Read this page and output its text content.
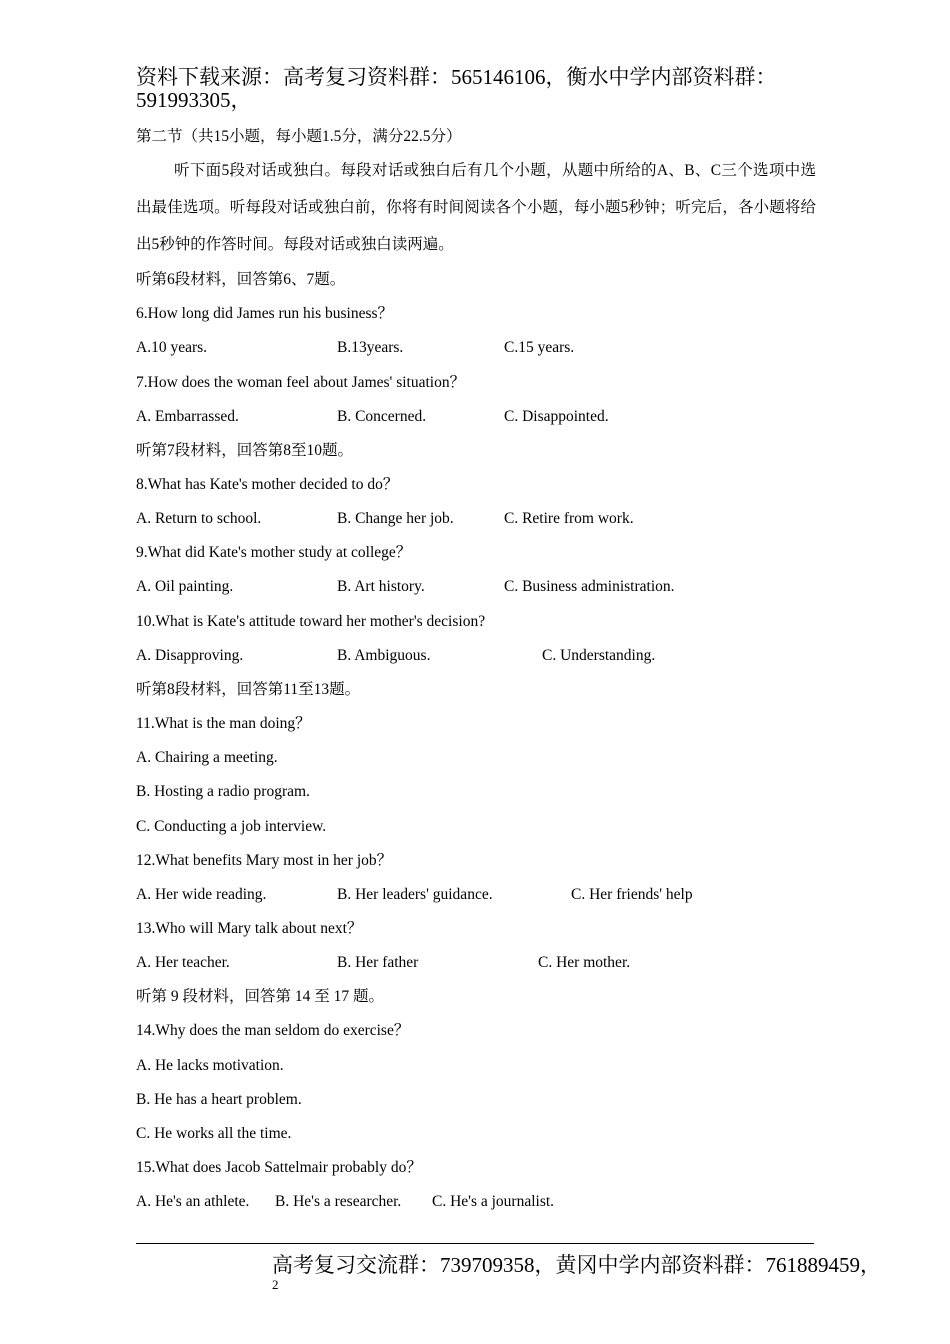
资料下载来源：高考复习资料群：565146106，衡水中学内部资料群：591993305，
第二节（共15小题，每小题1.5分，满分22.5分）
听下面5段对话或独白。每段对话或独白后有几个小题，从题中所给的A、B、C三个选项中选出最佳选项。听每段对话或独白前，你将有时间阅读各个小题，每小题5秒钟；听完后，各小题将给出5秒钟的作答时间。每段对话或独白读两遍。
听第6段材料，回答第6、7题。
6.How long did James run his business？
A.10 years.	B.13years.	C.15 years.
7.How does the woman feel about James' situation？
A. Embarrassed.	B. Concerned.	C. Disappointed.
听第7段材料，回答第8至10题。
8.What has Kate's mother decided to do？
A. Return to school.	B. Change her job.	C. Retire from work.
9.What did Kate's mother study at college？
A. Oil painting.	B. Art history.	C. Business administration.
10.What is Kate's attitude toward her mother's decision?
A. Disapproving.	B. Ambiguous.	C. Understanding.
听第8段材料，回答第11至13题。
11.What is the man doing？
A. Chairing a meeting.
B. Hosting a radio program.
C. Conducting a job interview.
12.What benefits Mary most in her job？
A. Her wide reading.	B. Her leaders' guidance.	C. Her friends' help
13.Who will Mary talk about next？
A. Her teacher.	B. Her father	C. Her mother.
听第 9 段材料，回答第 14 至 17 题。
14.Why does the man seldom do exercise？
A. He lacks motivation.
B. He has a heart problem.
C. He works all the time.
15.What does Jacob Sattelmair probably do？
A. He's an athlete. B. He's a researcher. C. He's a journalist.
高考复习交流群：739709358，黄冈中学内部资料群：761889459，
2
